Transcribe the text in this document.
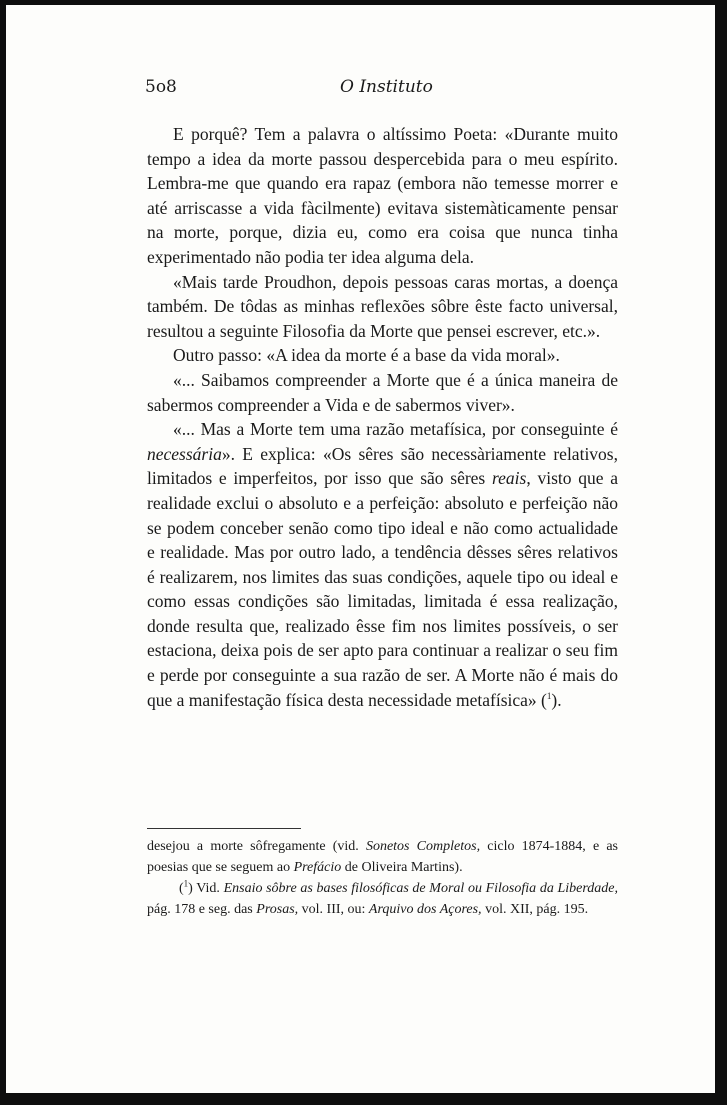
5o8	O Instituto

E porquê? Tem a palavra o altíssimo Poeta: «Durante muito tempo a idea da morte passou despercebida para o meu espírito. Lembra-me que quando era rapaz (embora não temesse morrer e até arriscasse a vida fàcilmente) evitava sistemàticamente pensar na morte, porque, dizia eu, como era coisa que nunca tinha experimentado não podia ter idea alguma dela.

«Mais tarde Proudhon, depois pessoas caras mortas, a doença também. De tôdas as minhas reflexões sôbre êste facto universal, resultou a seguinte Filosofia da Morte que pensei escrever, etc.».

Outro passo: «A idea da morte é a base da vida moral».

«... Saibamos compreender a Morte que é a única maneira de sabermos compreender a Vida e de sabermos viver».

«... Mas a Morte tem uma razão metafísica, por conseguinte é necessária». E explica: «Os sêres são necessàriamente relativos, limitados e imperfeitos, por isso que são sêres reais, visto que a realidade exclui o absoluto e a perfeição: absoluto e perfeição não se podem conceber senão como tipo ideal e não como actualidade e realidade. Mas por outro lado, a tendência dêsses sêres relativos é realizarem, nos limites das suas condições, aquele tipo ou ideal e como essas condições são limitadas, limitada é essa realização, donde resulta que, realizado êsse fim nos limites possíveis, o ser estaciona, deixa pois de ser apto para continuar a realizar o seu fim e perde por conseguinte a sua razão de ser. A Morte não é mais do que a manifestação física desta necessidade metafísica» ($^1$).

desejou a morte sôfregamente (vid. Sonetos Completos, ciclo 1874-1884, e as poesias que se seguem ao Prefácio de Oliveira Martins).

($^1$) Vid. Ensaio sôbre as bases filosóficas de Moral ou Filosofia da Liberdade, pág. 178 e seg. das Prosas, vol. III, ou: Arquivo dos Açores, vol. XII, pág. 195.
